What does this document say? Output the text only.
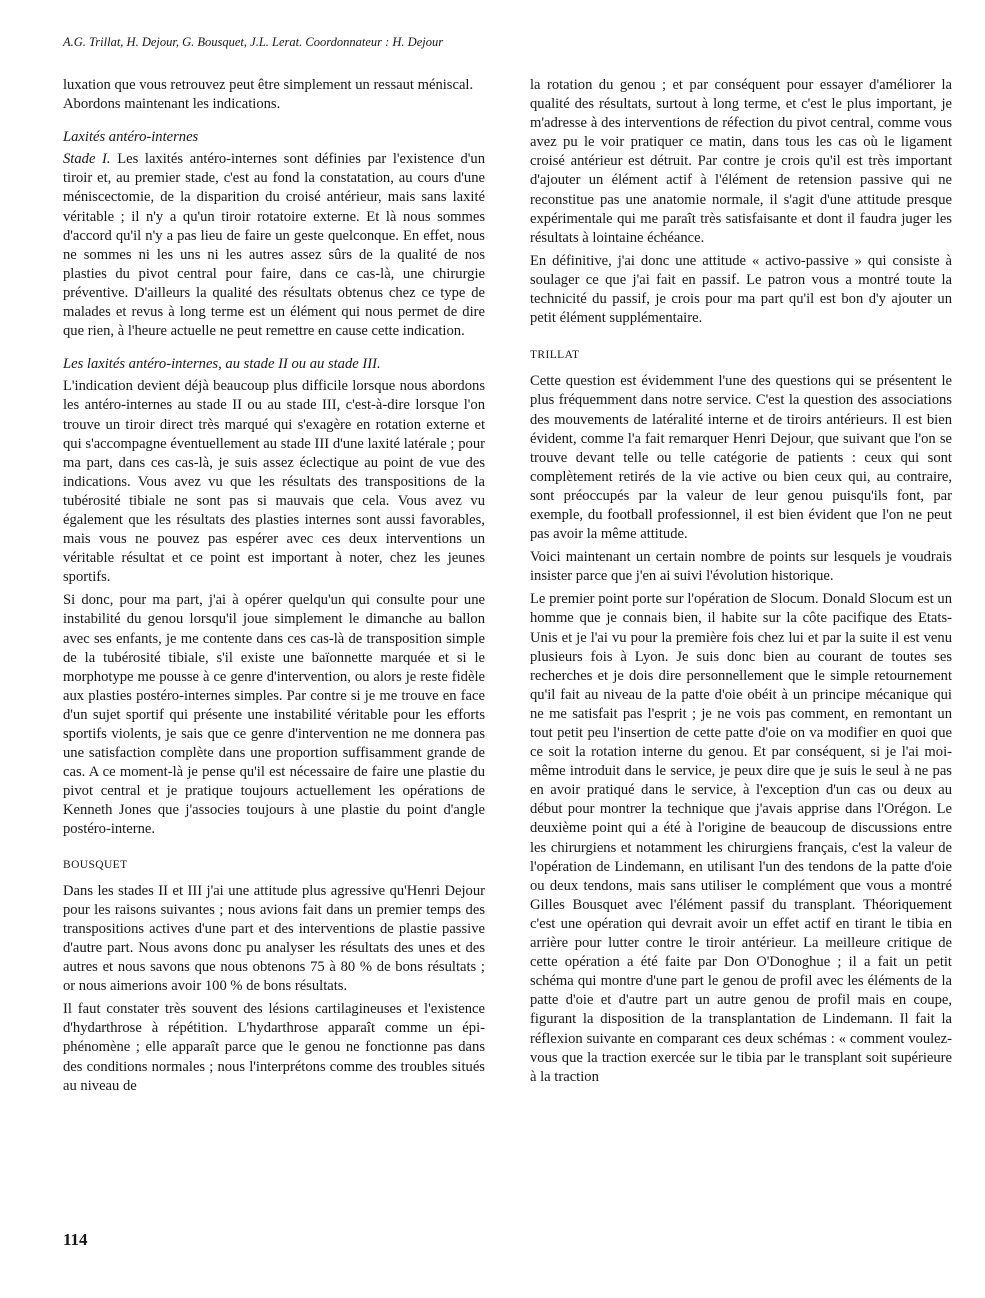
A.G. Trillat, H. Dejour, G. Bousquet, J.L. Lerat. Coordonnateur : H. Dejour

luxation que vous retrouvez peut être simplement un ressaut méniscal.

Abordons maintenant les indications.

Laxités antéro-internes

Stade I. Les laxités antéro-internes sont définies par l'existence d'un tiroir et, au premier stade, c'est au fond la constatation, au cours d'une méniscectomie, de la disparition du croisé antérieur, mais sans laxité véritable ; il n'y a qu'un tiroir rotatoire externe. Et là nous sommes d'accord qu'il n'y a pas lieu de faire un geste quelconque. En effet, nous ne sommes ni les uns ni les autres assez sûrs de la qualité de nos plasties du pivot central pour faire, dans ce cas-là, une chirurgie préventive. D'ailleurs la qualité des résultats obtenus chez ce type de malades et revus à long terme est un élément qui nous permet de dire que rien, à l'heure actuelle ne peut remettre en cause cette indication.

Les laxités antéro-internes, au stade II ou au stade III.

L'indication devient déjà beaucoup plus difficile lorsque nous abordons les antéro-internes au stade II ou au stade III, c'est-à-dire lorsque l'on trouve un tiroir direct très marqué qui s'exagère en rotation externe et qui s'accompagne éventuellement au stade III d'une laxité latérale ; pour ma part, dans ces cas-là, je suis assez éclectique au point de vue des indications. Vous avez vu que les résultats des transpositions de la tubérosité tibiale ne sont pas si mauvais que cela. Vous avez vu également que les résultats des plasties internes sont aussi favorables, mais vous ne pouvez pas espérer avec ces deux interventions un véritable résultat et ce point est important à noter, chez les jeunes sportifs.

Si donc, pour ma part, j'ai à opérer quelqu'un qui consulte pour une instabilité du genou lorsqu'il joue simplement le dimanche au ballon avec ses enfants, je me contente dans ces cas-là de transposition simple de la tubérosité tibiale, s'il existe une baïonnette marquée et si le morphotype me pousse à ce genre d'intervention, ou alors je reste fidèle aux plasties postéro-internes simples. Par contre si je me trouve en face d'un sujet sportif qui présente une instabilité véritable pour les efforts sportifs violents, je sais que ce genre d'intervention ne me donnera pas une satisfaction complète dans une proportion suffisamment grande de cas. A ce moment-là je pense qu'il est nécessaire de faire une plastie du pivot central et je pratique toujours actuellement les opérations de Kenneth Jones que j'associes toujours à une plastie du point d'angle postéro-interne.

BOUSQUET

Dans les stades II et III j'ai une attitude plus agressive qu'Henri Dejour pour les raisons suivantes ; nous avions fait dans un premier temps des transpositions actives d'une part et des interventions de plastie passive d'autre part. Nous avons donc pu analyser les résultats des unes et des autres et nous savons que nous obtenons 75 à 80 % de bons résultats ; or nous aimerions avoir 100 % de bons résultats.

Il faut constater très souvent des lésions cartilagineuses et l'existence d'hydarthrose à répétition. L'hydarthrose apparaît comme un épi-phénomène ; elle apparaît parce que le genou ne fonctionne pas dans des conditions normales ; nous l'interprétons comme des troubles situés au niveau de

la rotation du genou ; et par conséquent pour essayer d'améliorer la qualité des résultats, surtout à long terme, et c'est le plus important, je m'adresse à des interventions de réfection du pivot central, comme vous avez pu le voir pratiquer ce matin, dans tous les cas où le ligament croisé antérieur est détruit. Par contre je crois qu'il est très important d'ajouter un élément actif à l'élément de retension passive qui ne reconstitue pas une anatomie normale, il s'agit d'une attitude presque expérimentale qui me paraît très satisfaisante et dont il faudra juger les résultats à lointaine échéance.

En définitive, j'ai donc une attitude « activo-passive » qui consiste à soulager ce que j'ai fait en passif. Le patron vous a montré toute la technicité du passif, je crois pour ma part qu'il est bon d'y ajouter un petit élément supplémentaire.

TRILLAT

Cette question est évidemment l'une des questions qui se présentent le plus fréquemment dans notre service. C'est la question des associations des mouvements de latéralité interne et de tiroirs antérieurs. Il est bien évident, comme l'a fait remarquer Henri Dejour, que suivant que l'on se trouve devant telle ou telle catégorie de patients : ceux qui sont complètement retirés de la vie active ou bien ceux qui, au contraire, sont préoccupés par la valeur de leur genou puisqu'ils font, par exemple, du football professionnel, il est bien évident que l'on ne peut pas avoir la même attitude.

Voici maintenant un certain nombre de points sur lesquels je voudrais insister parce que j'en ai suivi l'évolution historique.

Le premier point porte sur l'opération de Slocum. Donald Slocum est un homme que je connais bien, il habite sur la côte pacifique des Etats-Unis et je l'ai vu pour la première fois chez lui et par la suite il est venu plusieurs fois à Lyon. Je suis donc bien au courant de toutes ses recherches et je dois dire personnellement que le simple retournement qu'il fait au niveau de la patte d'oie obéit à un principe mécanique qui ne me satisfait pas l'esprit ; je ne vois pas comment, en remontant un tout petit peu l'insertion de cette patte d'oie on va modifier en quoi que ce soit la rotation interne du genou. Et par conséquent, si je l'ai moi-même introduit dans le service, je peux dire que je suis le seul à ne pas en avoir pratiqué dans le service, à l'exception d'un cas ou deux au début pour montrer la technique que j'avais apprise dans l'Orégon. Le deuxième point qui a été à l'origine de beaucoup de discussions entre les chirurgiens et notamment les chirurgiens français, c'est la valeur de l'opération de Lindemann, en utilisant l'un des tendons de la patte d'oie ou deux tendons, mais sans utiliser le complément que vous a montré Gilles Bousquet avec l'élément passif du transplant. Théoriquement c'est une opération qui devrait avoir un effet actif en tirant le tibia en arrière pour lutter contre le tiroir antérieur. La meilleure critique de cette opération a été faite par Don O'Donoghue ; il a fait un petit schéma qui montre d'une part le genou de profil avec les éléments de la patte d'oie et d'autre part un autre genou de profil mais en coupe, figurant la disposition de la transplantation de Lindemann. Il fait la réflexion suivante en comparant ces deux schémas : « comment voulez-vous que la traction exercée sur le tibia par le transplant soit supérieure à la traction

114
